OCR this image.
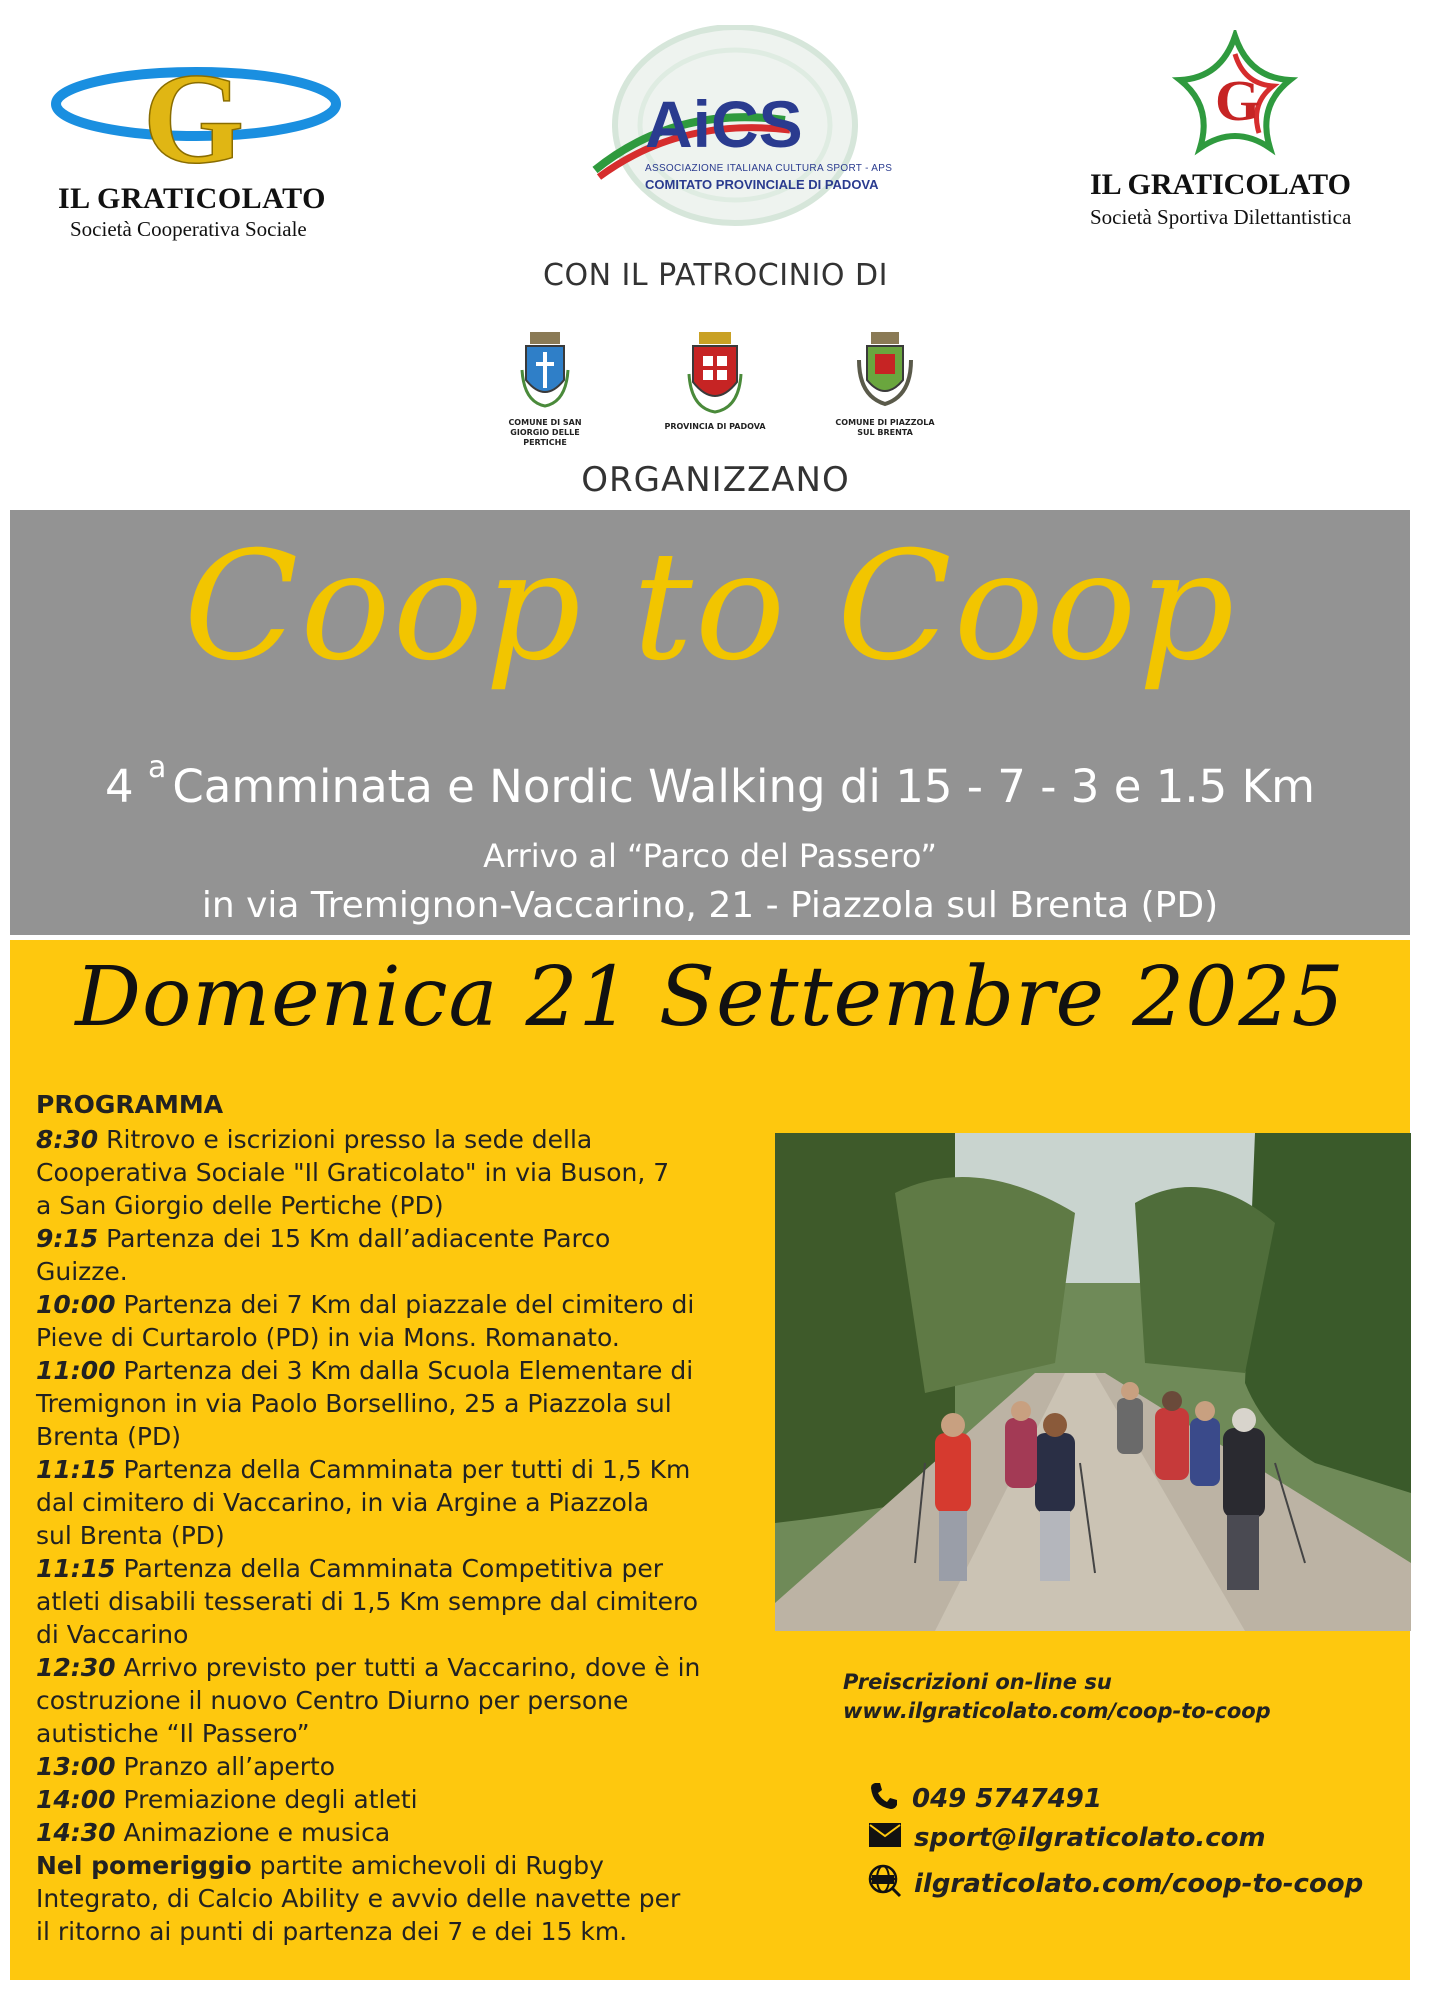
G
IL GRATICOLATO
Società Cooperativa Sociale
AiCS
ASSOCIAZIONE ITALIANA CULTURA SPORT - APS
COMITATO PROVINCIALE DI PADOVA
G
IL GRATICOLATO
Società Sportiva Dilettantistica
CON IL PATROCINIO DI
COMUNE DI SAN GIORGIO DELLE PERTICHE
PROVINCIA DI PADOVA	COMUNE DI PIAZZOLA SUL BRENTA
ORGANIZZANO
Coop to Coop
4 $^a$ Camminata e Nordic Walking di 15 - 7 - 3 e 1.5 Km
Arrivo al “Parco del Passero”
in via Tremignon-Vaccarino, 21 - Piazzola sul Brenta (PD)
Domenica 21 Settembre 2025
PROGRAMMA
8:30 Ritrovo e iscrizioni presso la sede della
Cooperativa Sociale "Il Graticolato" in via Buson, 7
a San Giorgio delle Pertiche (PD)
9:15 Partenza dei 15 Km dall’adiacente Parco
Guizze.
10:00 Partenza dei 7 Km dal piazzale del cimitero di
Pieve di Curtarolo (PD) in via Mons. Romanato.
11:00 Partenza dei 3 Km dalla Scuola Elementare di
Tremignon in via Paolo Borsellino, 25 a Piazzola sul
Brenta (PD)
11:15 Partenza della Camminata per tutti di 1,5 Km
dal cimitero di Vaccarino, in via Argine a Piazzola
sul Brenta (PD)
11:15 Partenza della Camminata Competitiva per
atleti disabili tesserati di 1,5 Km sempre dal cimitero
di Vaccarino
12:30 Arrivo previsto per tutti a Vaccarino, dove è in
costruzione il nuovo Centro Diurno per persone
autistiche “Il Passero”
13:00 Pranzo all’aperto
14:00 Premiazione degli atleti
14:30 Animazione e musica
Nel pomeriggio partite amichevoli di Rugby
Integrato, di Calcio Ability e avvio delle navette per
il ritorno ai punti di partenza dei 7 e dei 15 km.
Preiscrizioni on-line su
www.ilgraticolato.com/coop-to-coop
049 5747491
sport@ilgraticolato.com
ilgraticolato.com/coop-to-coop
